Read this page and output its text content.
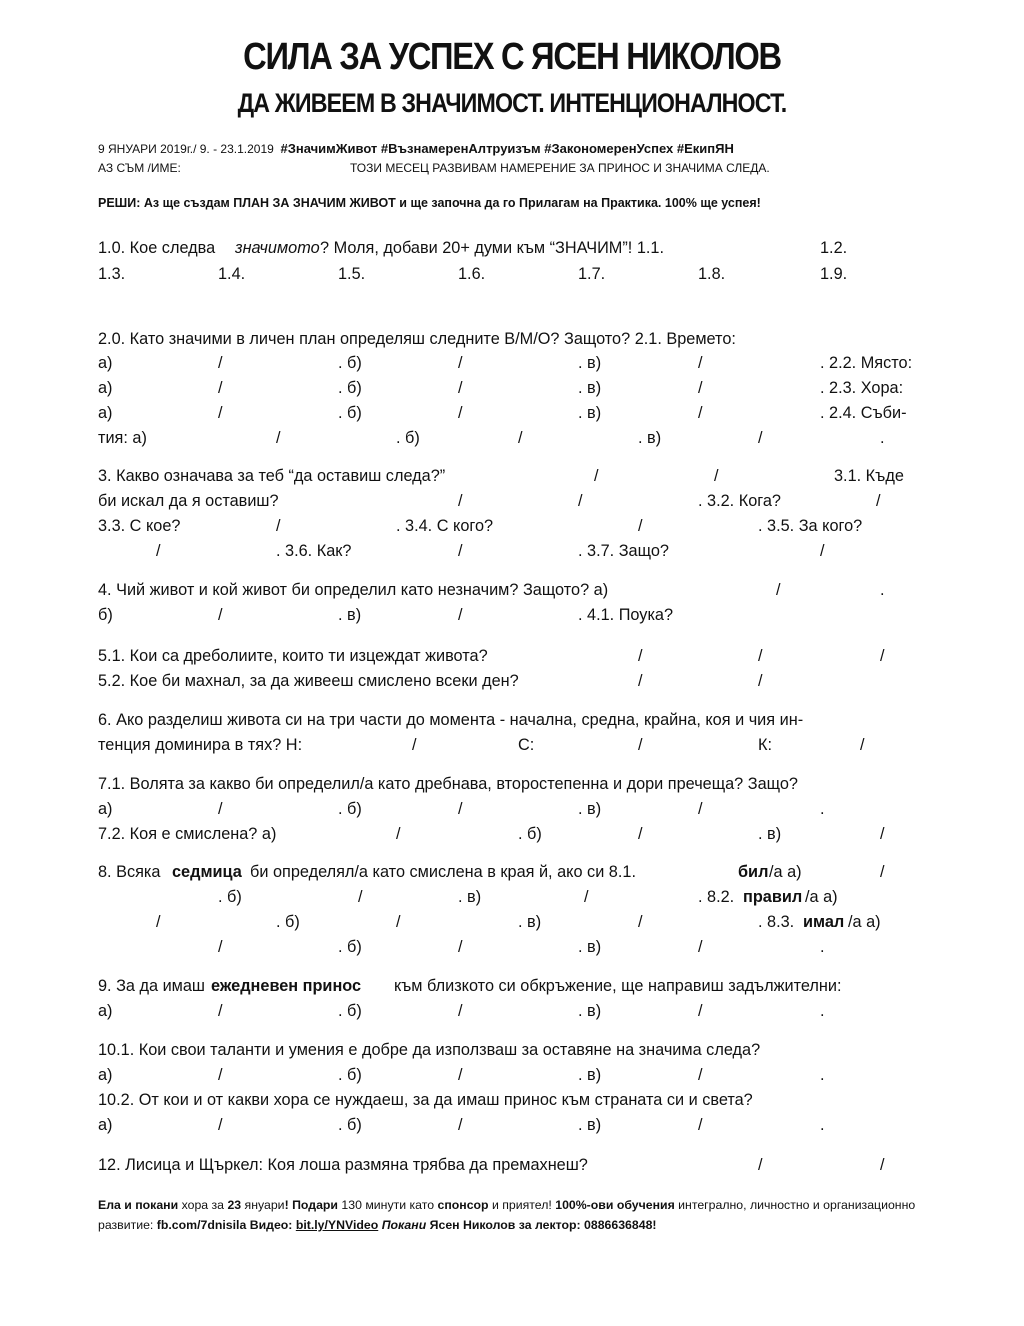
СИЛА ЗА УСПЕХ С ЯСЕН НИКОЛОВ
ДА ЖИВЕЕМ В ЗНАЧИМОСТ. ИНТЕНЦИОНАЛНОСТ.
9 ЯНУАРИ 2019г./ 9. - 23.1.2019 #ЗначимЖивот #ВъзнамеренАлтруизъм #ЗакономеренУспех #ЕкипЯН
АЗ СЪМ /ИМЕ:	ТОЗИ МЕСЕЦ РАЗВИВАМ НАМЕРЕНИЕ ЗА ПРИНОС И ЗНАЧИМА СЛЕДА.
РЕШИ: Аз ще създам ПЛАН ЗА ЗНАЧИМ ЖИВОТ и ще започна да го Прилагам на Практика. 100% ще успея!
1.0. Кое следва значимото ? Моля, добави 20+ думи към “ЗНАЧИМ”! 1.1.	1.2.
1.3.	1.4.	1.5.	1.6.	1.7.	1.8.	1.9.
2.0. Като значими в личен план определяш следните В/М/О? Защото? 2.1. Времето:
а)	/	. б)	/	. в)	/	. 2.2. Място:
а)	/	. б)	/	. в)	/	. 2.3. Хора:
а)	/	. б)	/	. в)	/	. 2.4. Съби-
тия: а)	/	. б)	/	. в)	/	.
3. Какво означава за теб “да оставиш следа?”	/	/	3.1. Къде
би искал да я оставиш?	/	/	. 3.2. Кога?	/
3.3. С кое?	/	. 3.4. С кого?	/	. 3.5. За кого?
/	. 3.6. Как?	/	. 3.7. Защо?	/
4. Чий живот и кой живот би определил като незначим? Защото? а)	/	.
б)	/	. в)	/	. 4.1. Поука?
5.1. Кои са дреболиите, които ти изцеждат живота?	/	/	/
5.2. Кое би махнал, за да живееш смислено всеки ден?	/	/
6. Ако разделиш живота си на три части до момента - начална, средна, крайна, коя и чия ин-
тенция доминира в тях? Н:	/	С:	/	К:	/
7.1. Волята за какво би определил/а като дребнава, второстепенна и дори пречеща? Защо?
а)	/	. б)	/	. в)	/	.
7.2. Коя е смислена? а)	/	. б)	/	. в)	/
8. Всяка седмица би определял/а като смислена в края й, ако си 8.1.	бил /а а)	/
. б)	/	. в)	/	. 8.2. правил /а а)
/	. б)	/	. в)	/	. 8.3. имал /а а)
/	. б)	/	. в)	/	.
9. За да имаш ежедневен принос към близкото си обкръжение, ще направиш задължителни:
а)	/	. б)	/	. в)	/	.
10.1. Кои свои таланти и умения е добре да използваш за оставяне на значима следа?
а)	/	. б)	/	. в)	/	.
10.2. От кои и от какви хора се нуждаеш, за да имаш принос към страната си и света?
а)	/	. б)	/	. в)	/	.
12. Лисица и Щъркел: Коя лоша размяна трябва да премахнеш?	/	/
Ела и покани хора за 23 януари! Подари 130 минути като спонсор и приятел! 100%-ови обучения интегрално, личностно и организационно развитие: fb.com/7dnisila Видео: bit.ly/YNVideo Покани Ясен Николов за лектор: 0886636848!
